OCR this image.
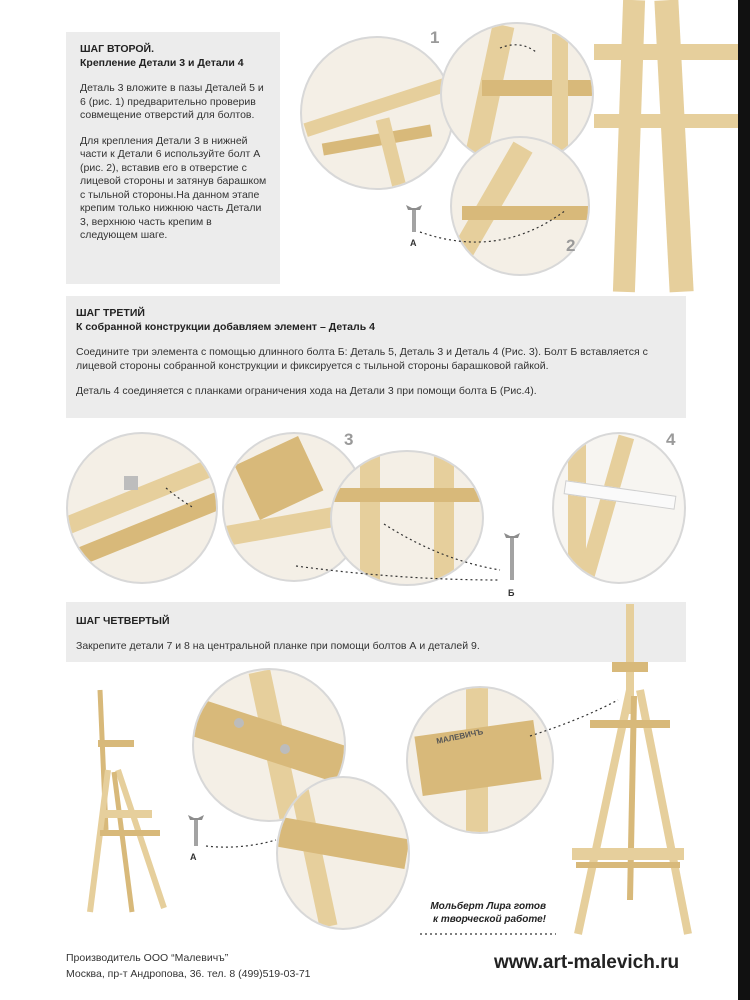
ШАГ ВТОРОЙ.
Крепление Детали 3 и Детали 4

Деталь 3 вложите в пазы Деталей 5 и 6 (рис. 1) предварительно проверив совмещение отверстий для болтов.

Для крепления Детали 3 в нижней части к Детали 6 используйте болт А (рис. 2), вставив его в отверстие с лицевой стороны и затянув барашком с тыльной стороны.На данном этапе крепим только нижнюю часть Детали 3, верхнюю часть крепим в следующем шаге.

1
2
A
ШАГ ТРЕТИЙ
К собранной конструкции добавляем элемент – Деталь 4

Соедините три элемента с помощью длинного болта Б: Деталь 5, Деталь 3 и Деталь 4 (Рис. 3). Болт Б вставляется с лицевой стороны собранной конструкции и фиксируется с тыльной стороны барашковой гайкой.

Деталь 4 соединяется с планками ограничения хода на Детали 3 при помощи болта Б (Рис.4).

3
Б
4
ШАГ ЧЕТВЕРТЫЙ

Закрепите детали 7 и 8 на центральной планке при помощи болтов А и деталей 9.

A
МАЛЕВИЧЪ
Мольберт Лира готов
к творческой работе!
Производитель ООО “Малевичъ”
Москва, пр-т Андропова, 36. тел. 8 (499)519-03-71
www.art-malevich.ru
